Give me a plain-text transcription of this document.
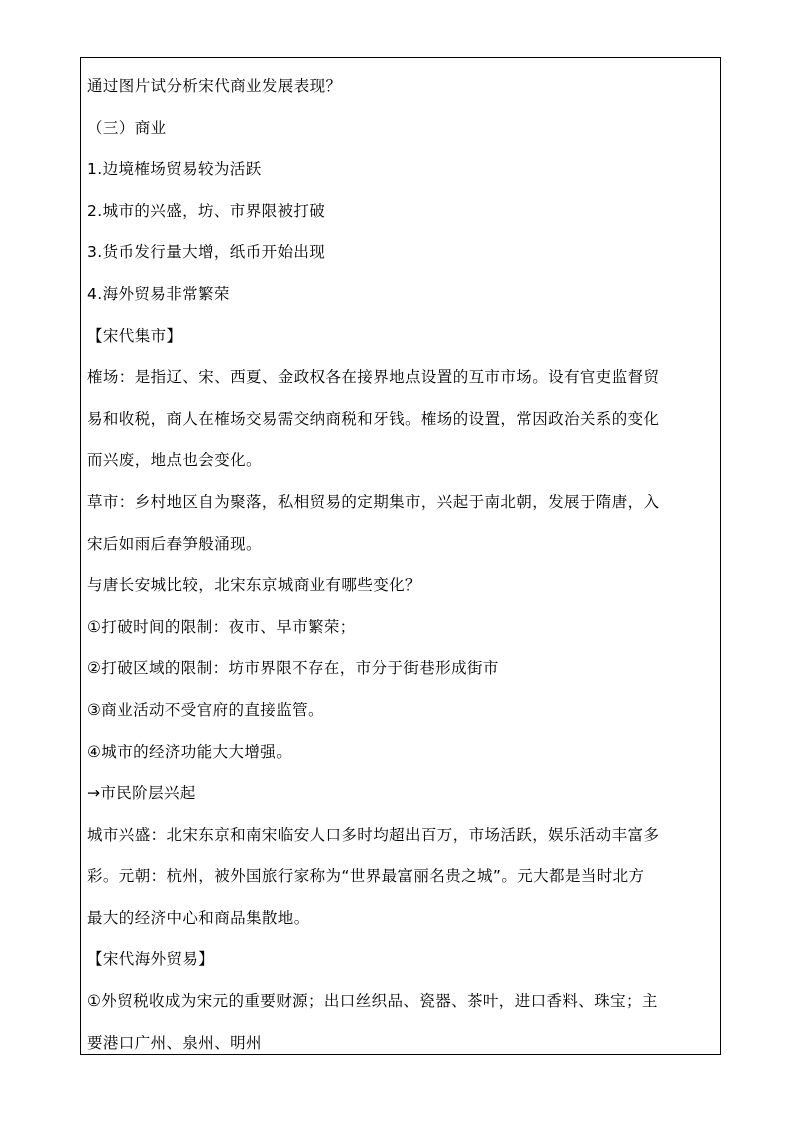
通过图片试分析宋代商业发展表现？
（三）商业
1.边境榷场贸易较为活跃
2.城市的兴盛，坊、市界限被打破
3.货币发行量大增，纸币开始出现
4.海外贸易非常繁荣
【宋代集市】
榷场：是指辽、宋、西夏、金政权各在接界地点设置的互市市场。设有官吏监督贸
易和收税，商人在榷场交易需交纳商税和牙钱。榷场的设置，常因政治关系的变化
而兴废，地点也会变化。
草市：乡村地区自为聚落，私相贸易的定期集市，兴起于南北朝，发展于隋唐，入
宋后如雨后春笋般涌现。
与唐长安城比较，北宋东京城商业有哪些变化？
①打破时间的限制：夜市、早市繁荣；
②打破区域的限制：坊市界限不存在，市分于街巷形成街市
③商业活动不受官府的直接监管。
④城市的经济功能大大增强。
→市民阶层兴起
城市兴盛：北宋东京和南宋临安人口多时均超出百万，市场活跃，娱乐活动丰富多
彩。元朝：杭州，被外国旅行家称为“世界最富丽名贵之城”。元大都是当时北方
最大的经济中心和商品集散地。
【宋代海外贸易】
①外贸税收成为宋元的重要财源；出口丝织品、瓷器、茶叶，进口香料、珠宝；主
要港口广州、泉州、明州
